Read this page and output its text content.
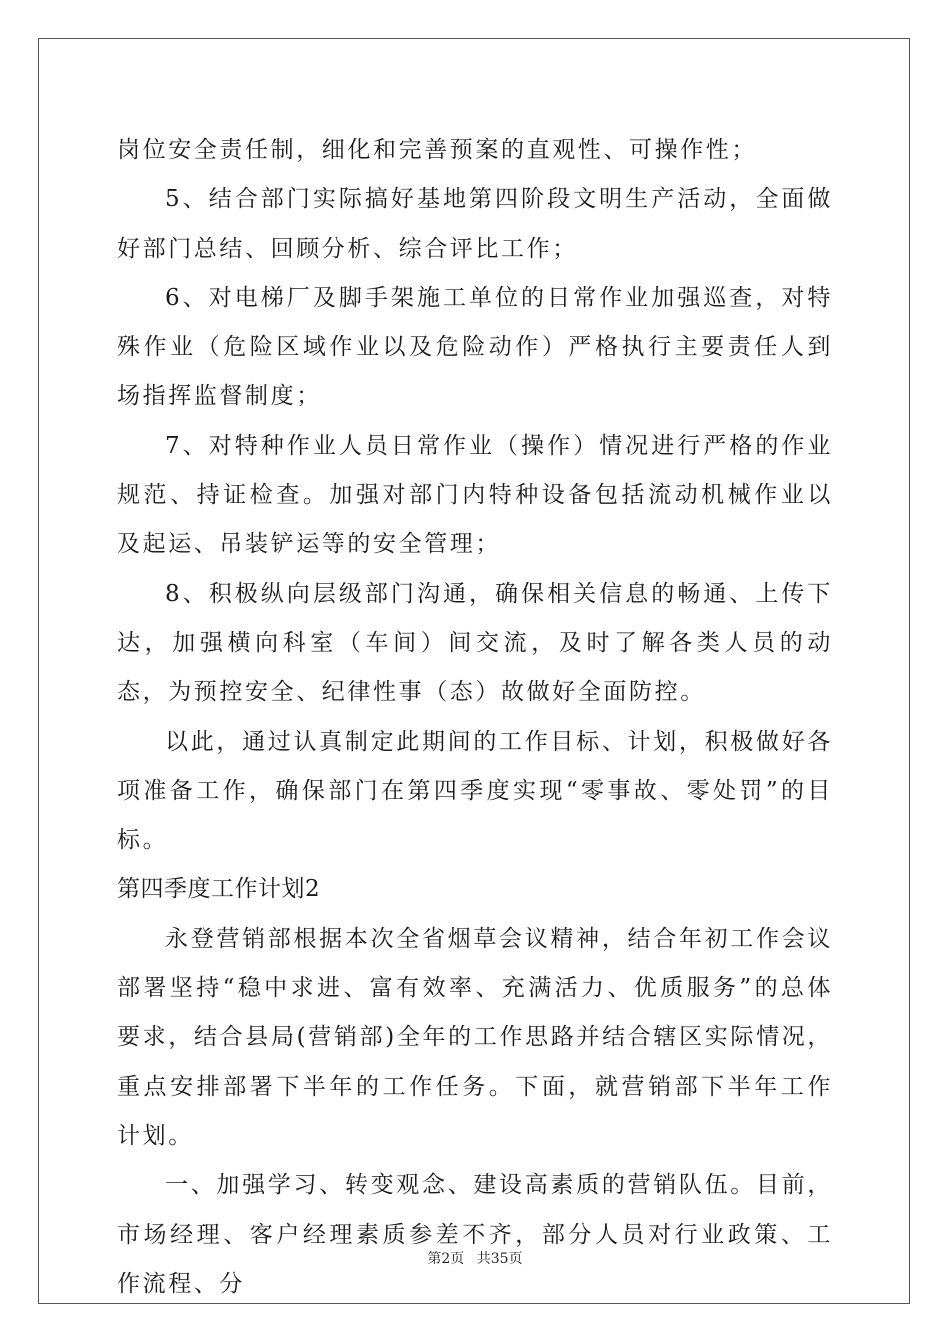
岗位安全责任制，细化和完善预案的直观性、可操作性；

5、结合部门实际搞好基地第四阶段文明生产活动，全面做好部门总结、回顾分析、综合评比工作；

6、对电梯厂及脚手架施工单位的日常作业加强巡查，对特殊作业（危险区域作业以及危险动作）严格执行主要责任人到场指挥监督制度；

7、对特种作业人员日常作业（操作）情况进行严格的作业规范、持证检查。加强对部门内特种设备包括流动机械作业以及起运、吊装铲运等的安全管理；

8、积极纵向层级部门沟通，确保相关信息的畅通、上传下达，加强横向科室（车间）间交流，及时了解各类人员的动态，为预控安全、纪律性事（态）故做好全面防控。

以此，通过认真制定此期间的工作目标、计划，积极做好各项准备工作，确保部门在第四季度实现“零事故、零处罚”的目标。

第四季度工作计划2

永登营销部根据本次全省烟草会议精神，结合年初工作会议部署坚持“稳中求进、富有效率、充满活力、优质服务”的总体要求，结合县局(营销部)全年的工作思路并结合辖区实际情况，重点安排部署下半年的工作任务。下面，就营销部下半年工作计划。

一、加强学习、转变观念、建设高素质的营销队伍。目前，市场经理、客户经理素质参差不齐，部分人员对行业政策、工作流程、分

第2页 共35页
